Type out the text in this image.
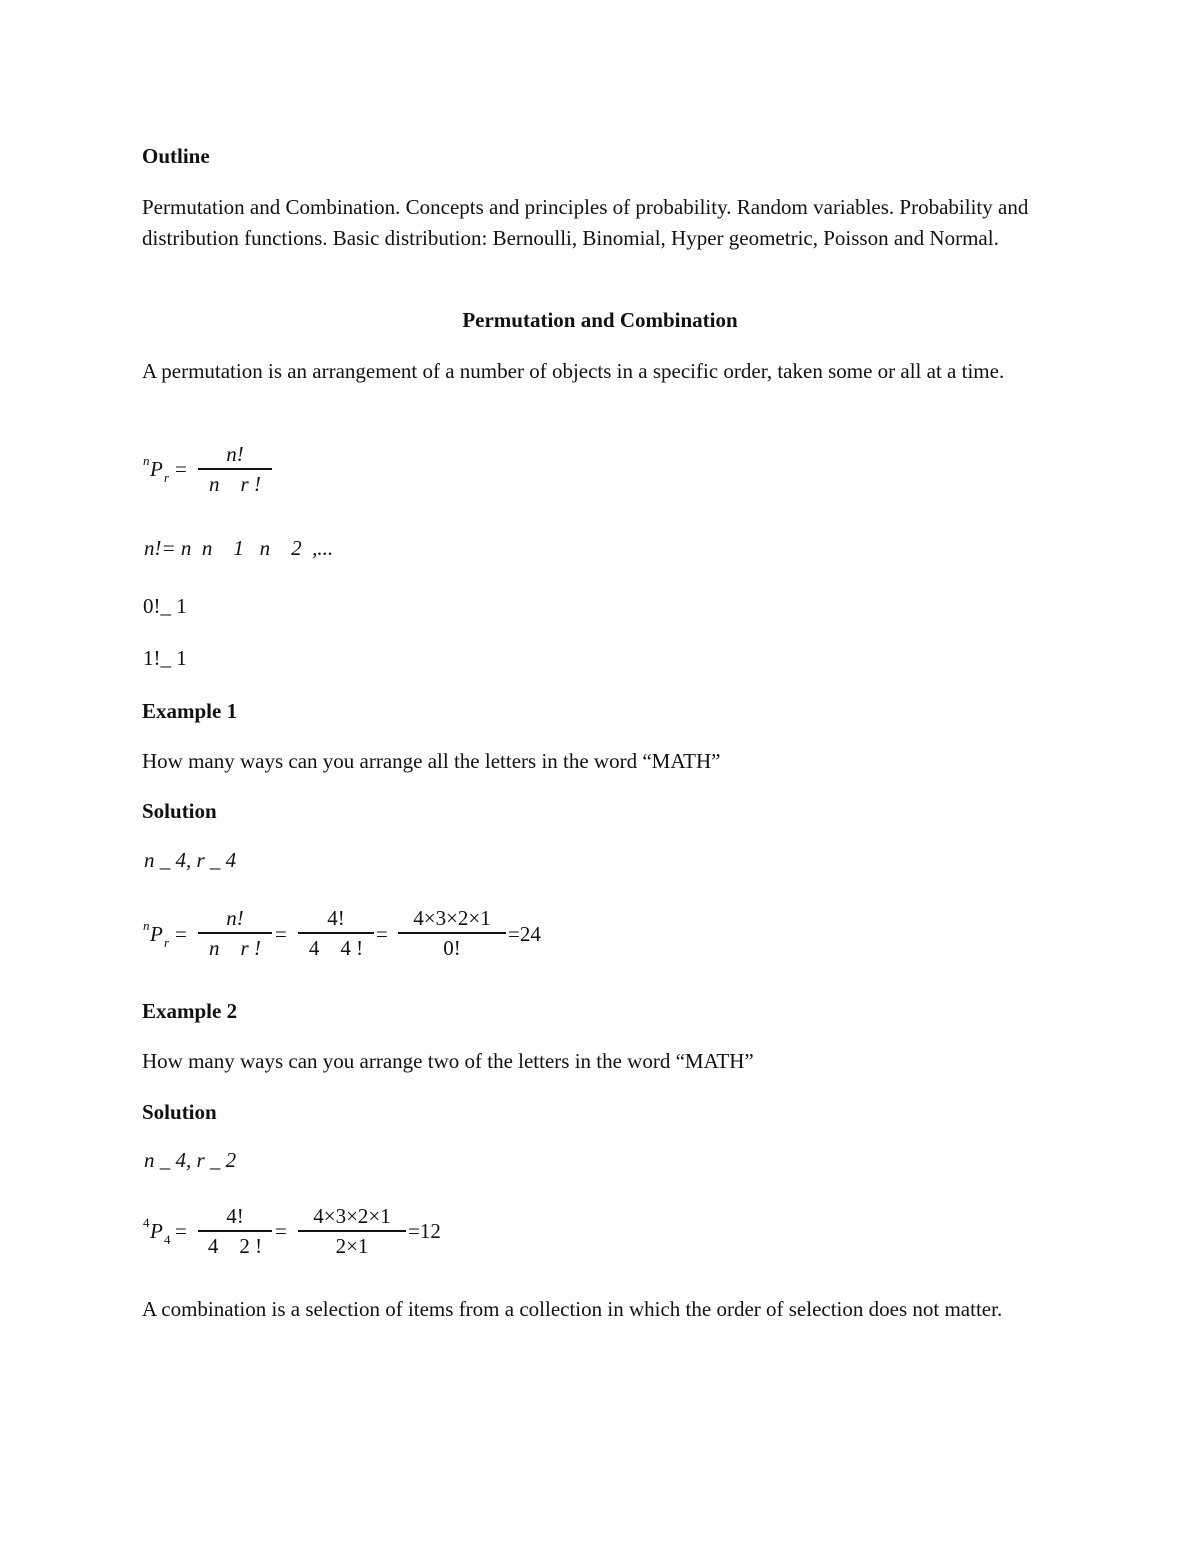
Outline
Permutation and Combination. Concepts and principles of probability. Random variables. Probability and distribution functions. Basic distribution: Bernoulli, Binomial, Hyper geometric, Poisson and Normal.
Permutation and Combination
A permutation is an arrangement of a number of objects in a specific order, taken some or all at a time.
n P r =
n!
n    r !
n!= n  n    1   n    2  ,...
0!_ 1
1!_ 1
Example 1
How many ways can you arrange all the letters in the word “MATH”
Solution
n _ 4, r _ 4
n P r =
n!
n    r !
=
4!
4    4 !
=
4×3×2×1
0!
=24
Example 2
How many ways can you arrange two of the letters in the word “MATH”
Solution
n _ 4, r _ 2
4 P 4 =
4!
4    2 !
=
4×3×2×1
2×1
=12
A combination is a selection of items from a collection in which the order of selection does not matter.
